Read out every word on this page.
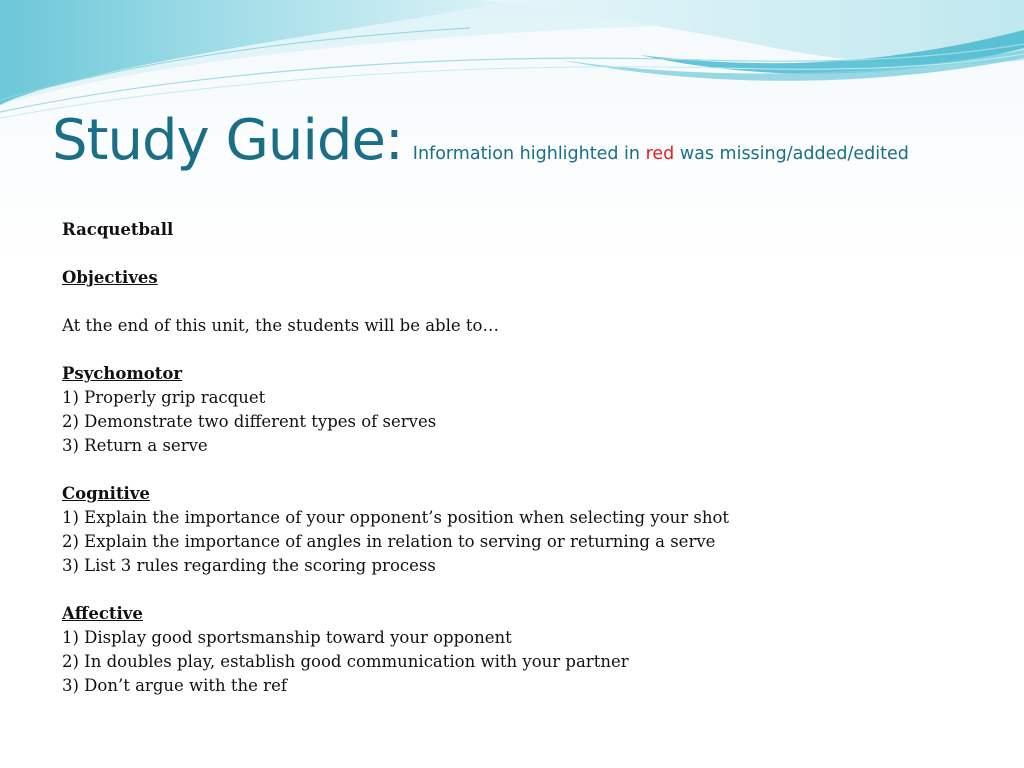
Study Guide: Information highlighted in red was missing/added/edited

Racquetball

Objectives

At the end of this unit, the students will be able to…

Psychomotor

1) Properly grip racquet

2) Demonstrate two different types of serves

3) Return a serve

Cognitive

1) Explain the importance of your opponent’s position when selecting your shot

2) Explain the importance of angles in relation to serving or returning a serve

3) List 3 rules regarding the scoring process

Affective

1) Display good sportsmanship toward your opponent

2) In doubles play, establish good communication with your partner

3) Don’t argue with the ref
